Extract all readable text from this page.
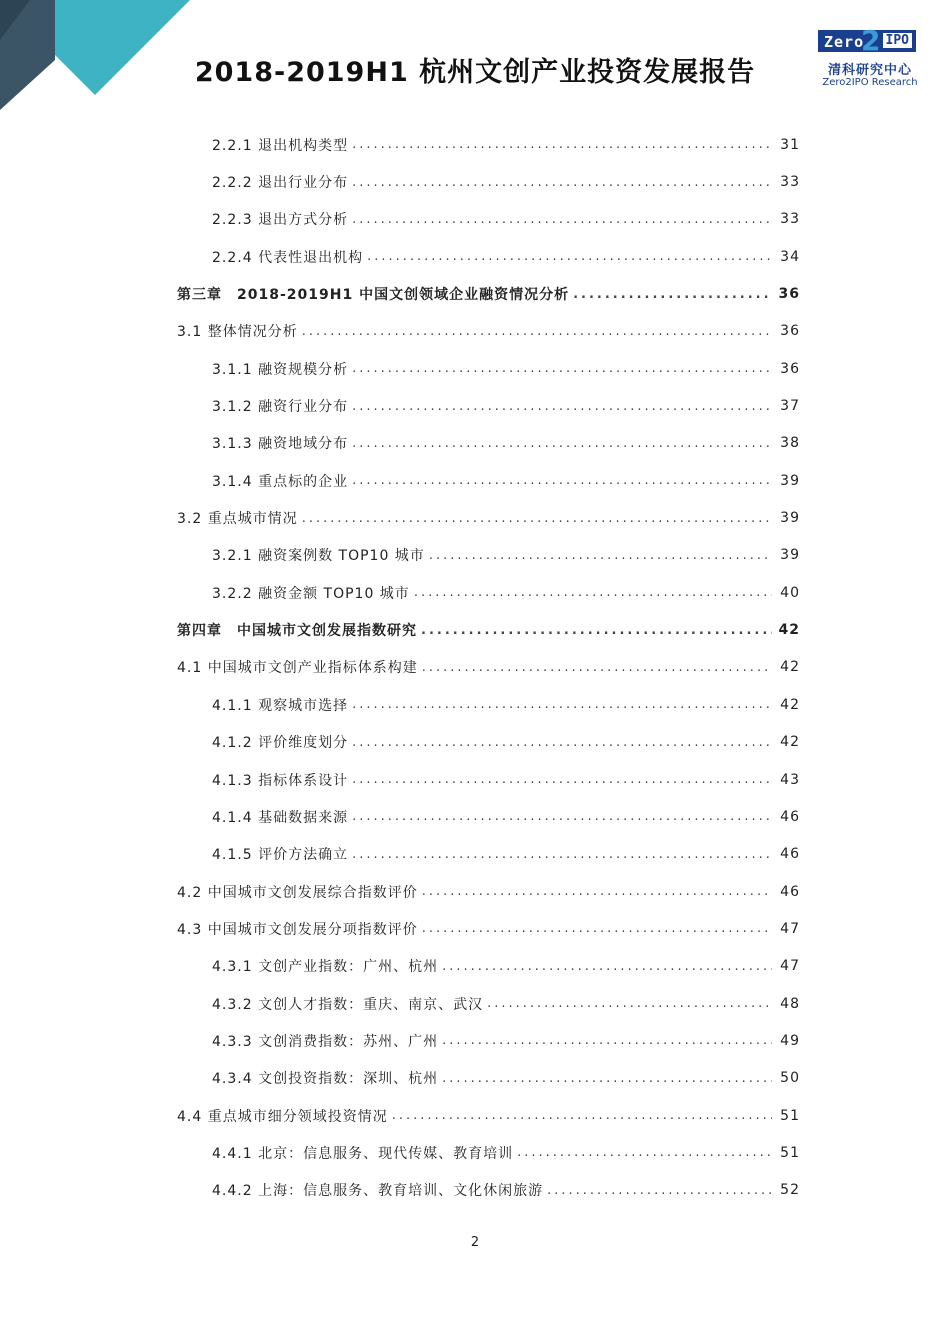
2018-2019H1 杭州文创产业投资发展报告
Zero IPO
2
清科研究中心
Zero2IPO Research
2.2.1 退出机构类型 .....	31
2.2.2 退出行业分布 .....	33
2.2.3 退出方式分析 .....	33
2.2.4 代表性退出机构 .....	34
第三章　2018-2019H1 中国文创领域企业融资情况分析 .....	36
3.1 整体情况分析 .....	36
3.1.1 融资规模分析 .....	36
3.1.2 融资行业分布 .....	37
3.1.3 融资地域分布 .....	38
3.1.4 重点标的企业 .....	39
3.2 重点城市情况 .....	39
3.2.1 融资案例数 TOP10 城市 .....	39
3.2.2 融资金额 TOP10 城市 .....	40
第四章　中国城市文创发展指数研究 .....	42
4.1 中国城市文创产业指标体系构建 .....	42
4.1.1 观察城市选择 .....	42
4.1.2 评价维度划分 .....	42
4.1.3 指标体系设计 .....	43
4.1.4 基础数据来源 .....	46
4.1.5 评价方法确立 .....	46
4.2 中国城市文创发展综合指数评价 .....	46
4.3 中国城市文创发展分项指数评价 .....	47
4.3.1 文创产业指数：广州、杭州 .....	47
4.3.2 文创人才指数：重庆、南京、武汉 .....	48
4.3.3 文创消费指数：苏州、广州 .....	49
4.3.4 文创投资指数：深圳、杭州 .....	50
4.4 重点城市细分领域投资情况 .....	51
4.4.1 北京：信息服务、现代传媒、教育培训 .....	51
4.4.2 上海：信息服务、教育培训、文化休闲旅游 .....	52
2
